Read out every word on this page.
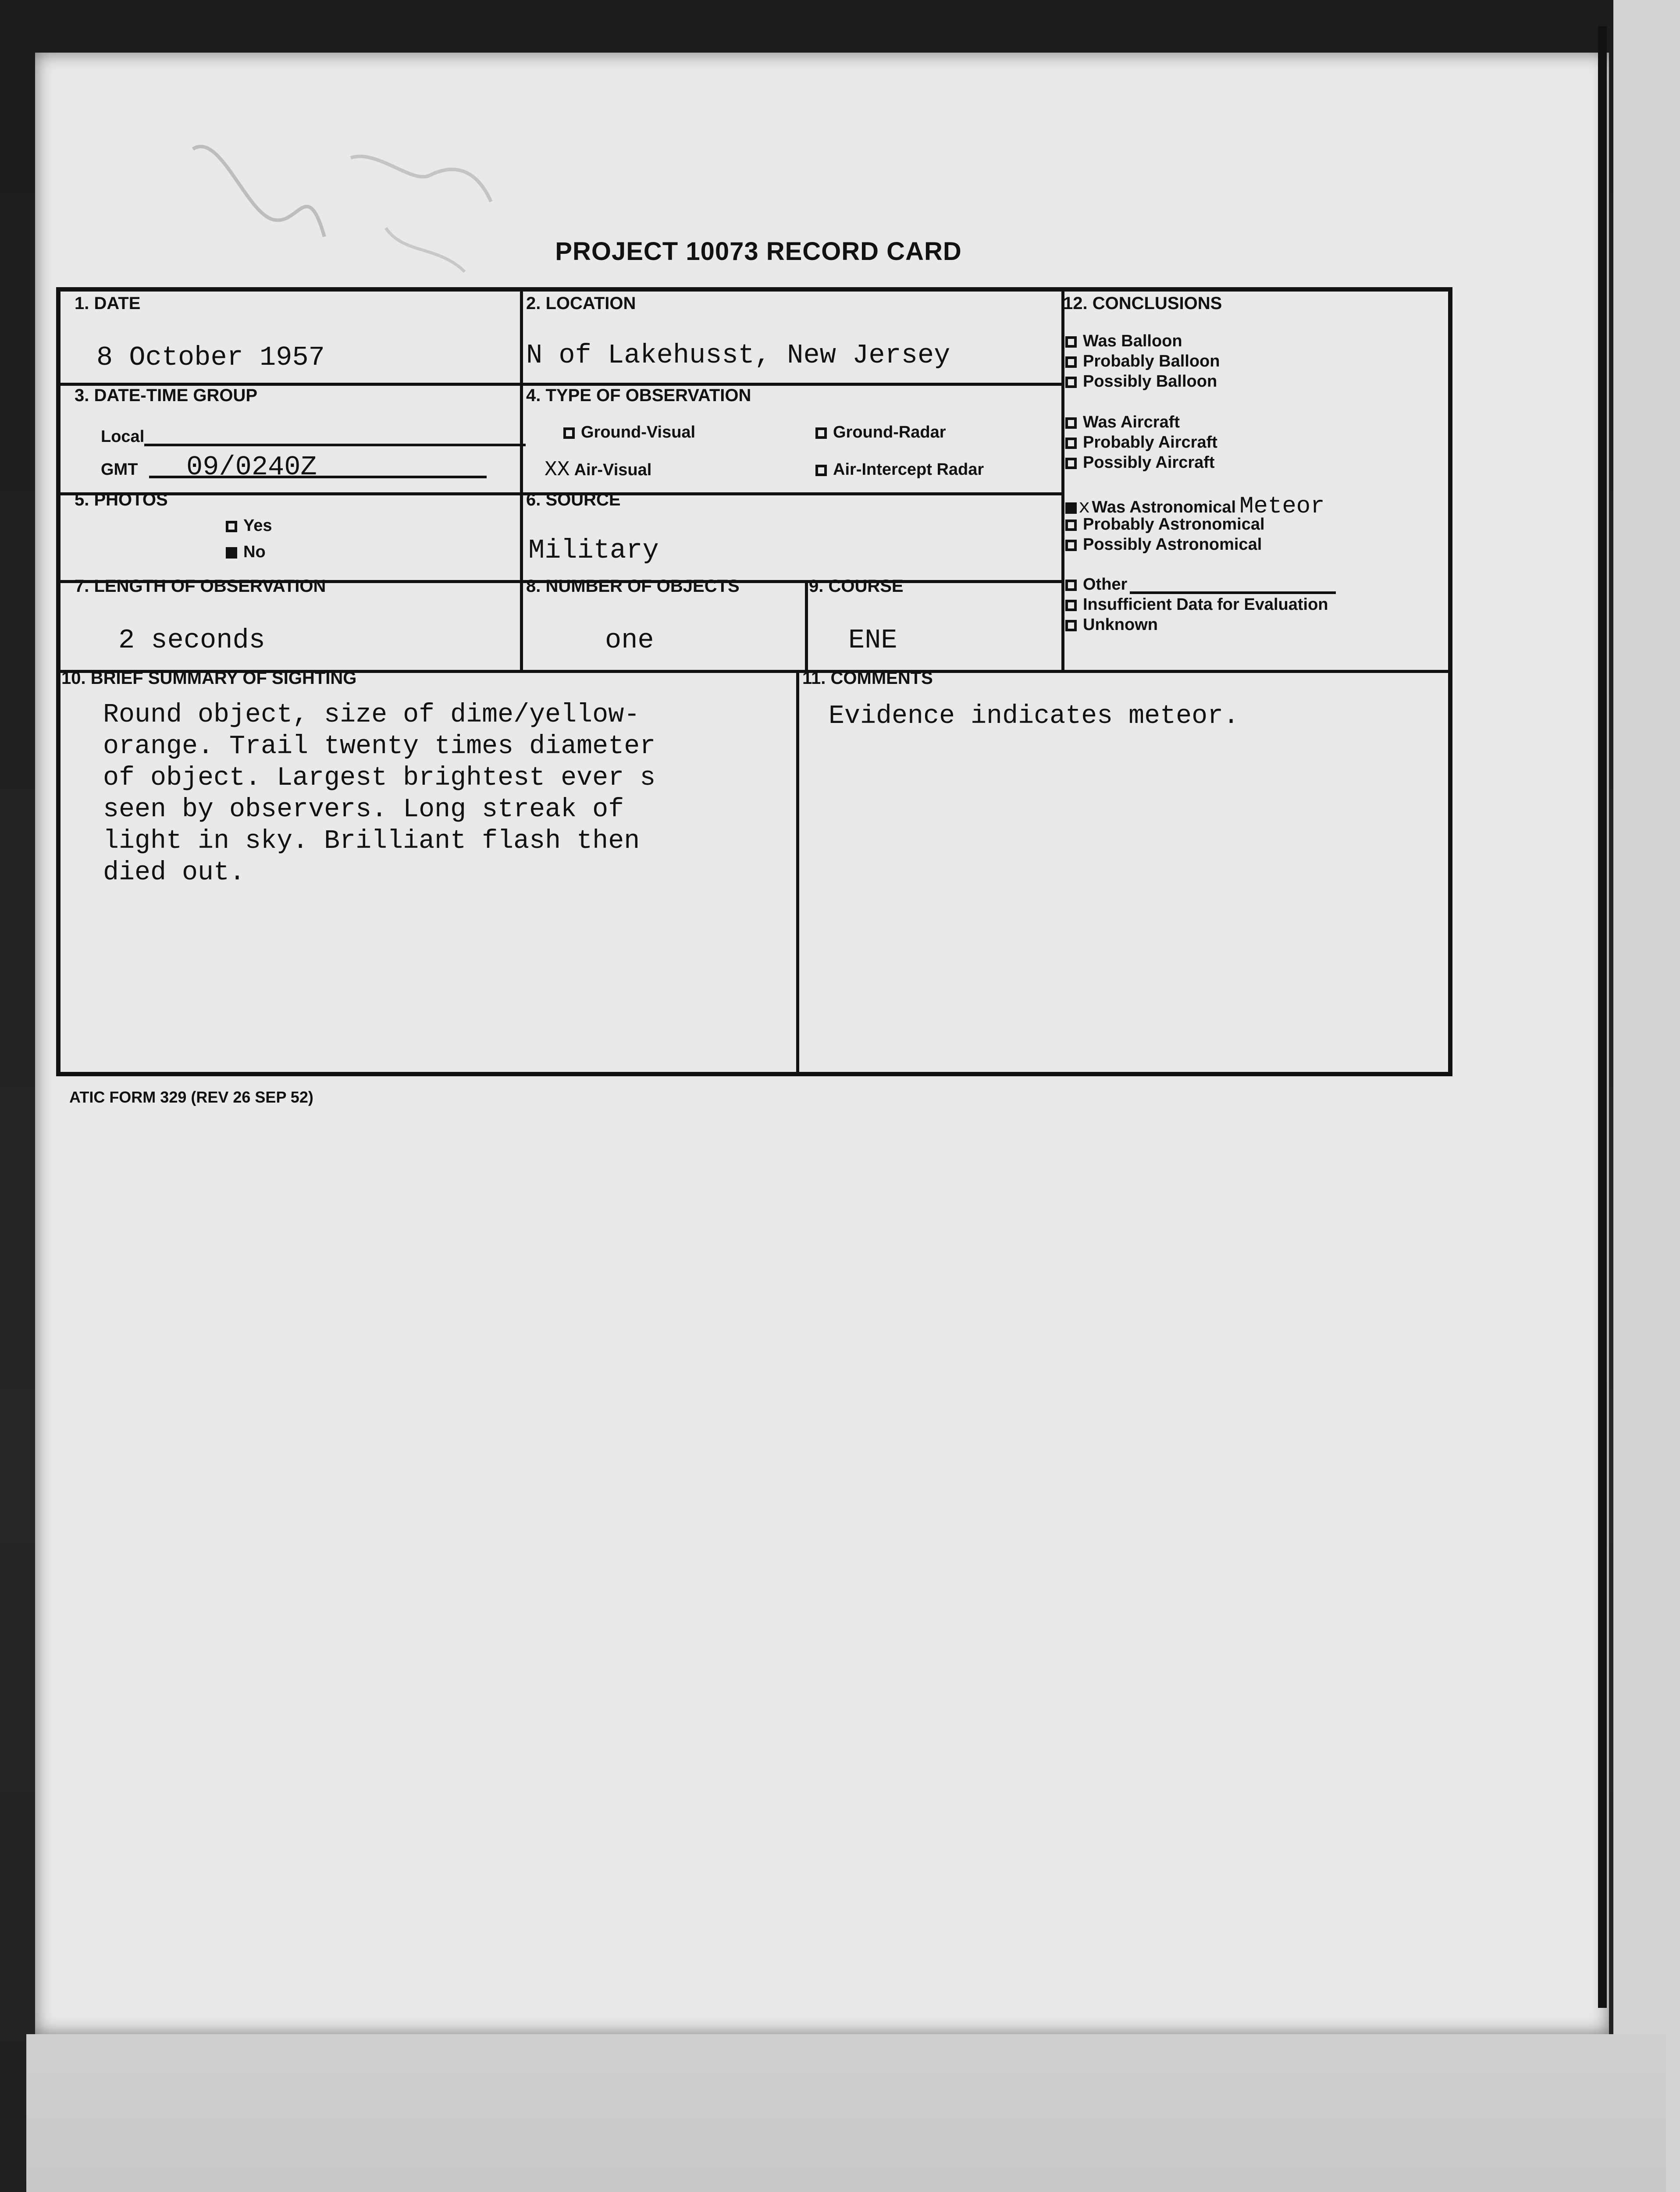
PROJECT 10073 RECORD CARD
1. DATE
8 October 1957
2. LOCATION
N of Lakehusst, New Jersey
3. DATE-TIME GROUP
Local
GMT 09/0240Z
4. TYPE OF OBSERVATION
Ground-Visual	Ground-Radar
XX Air-Visual	Air-Intercept Radar
5. PHOTOS
Yes
No
6. SOURCE
Military
7. LENGTH OF OBSERVATION
2 seconds
8. NUMBER OF OBJECTS
one
9. COURSE
ENE
12. CONCLUSIONS
Was Balloon
Probably Balloon
Possibly Balloon
Was Aircraft
Probably Aircraft
Possibly Aircraft
x Was Astronomical Meteor
Probably Astronomical
Possibly Astronomical
Other
Insufficient Data for Evaluation
Unknown
10. BRIEF SUMMARY OF SIGHTING
Round object, size of dime/yellow-
orange. Trail twenty times diameter
of object. Largest brightest ever s
seen by observers. Long streak of
light in sky. Brilliant flash then
died out.
11. COMMENTS
Evidence indicates meteor.
ATIC FORM 329 (REV 26 SEP 52)
